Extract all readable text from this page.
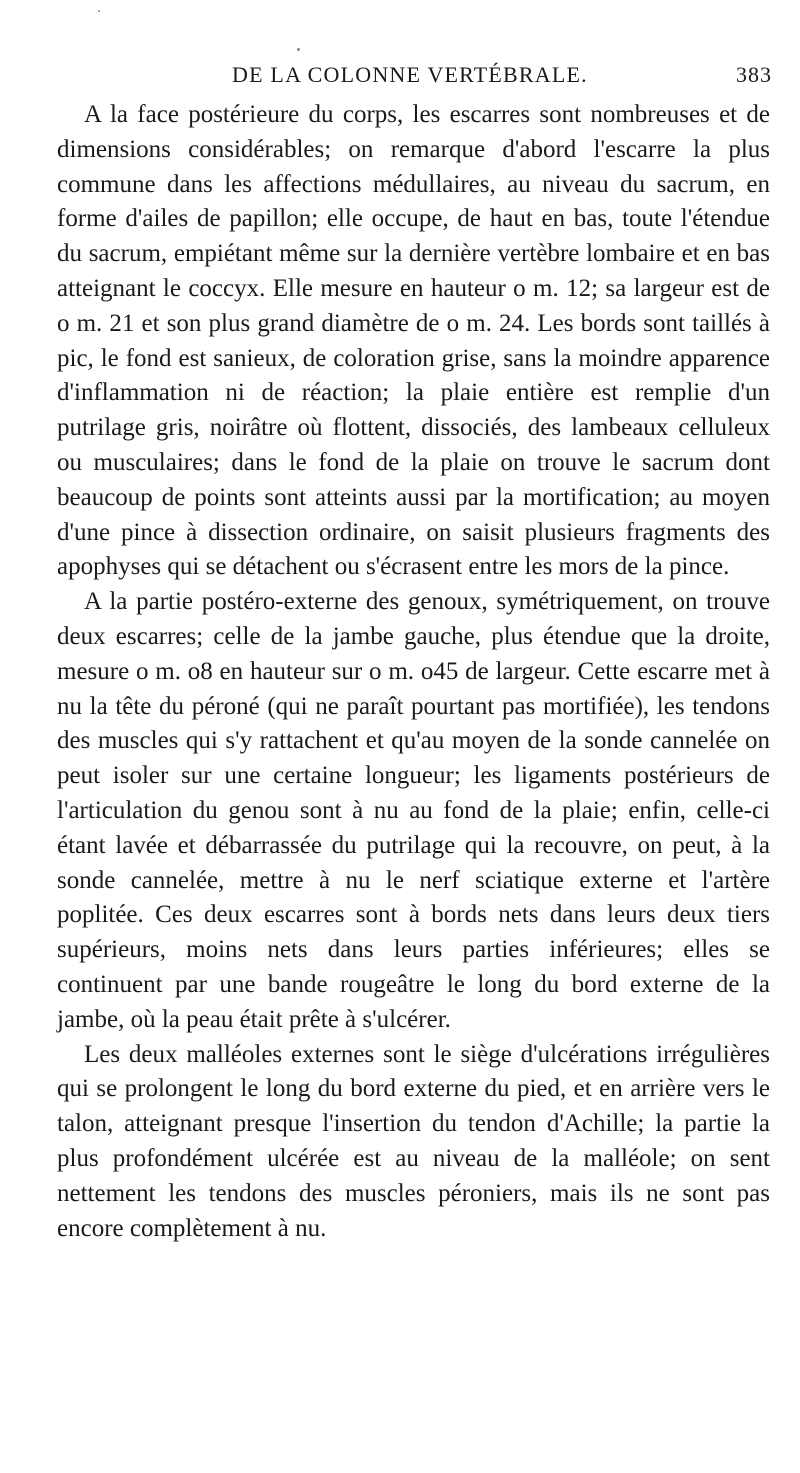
DE LA COLONNE VERTÉBRALE.	383

A la face postérieure du corps, les escarres sont nombreuses et de dimensions considérables; on remarque d'abord l'escarre la plus commune dans les affections médullaires, au niveau du sacrum, en forme d'ailes de papillon; elle occupe, de haut en bas, toute l'étendue du sacrum, empiétant même sur la dernière vertèbre lombaire et en bas atteignant le coccyx. Elle mesure en hauteur o m. 12; sa largeur est de o m. 21 et son plus grand diamètre de o m. 24. Les bords sont taillés à pic, le fond est sanieux, de coloration grise, sans la moindre apparence d'inflammation ni de réaction; la plaie entière est remplie d'un putrilage gris, noirâtre où flottent, dissociés, des lambeaux celluleux ou musculaires; dans le fond de la plaie on trouve le sacrum dont beaucoup de points sont atteints aussi par la mortification; au moyen d'une pince à dissection ordinaire, on saisit plusieurs fragments des apophyses qui se détachent ou s'écrasent entre les mors de la pince.

A la partie postéro-externe des genoux, symétriquement, on trouve deux escarres; celle de la jambe gauche, plus étendue que la droite, mesure o m. o8 en hauteur sur o m. o45 de largeur. Cette escarre met à nu la tête du péroné (qui ne paraît pourtant pas mortifiée), les tendons des muscles qui s'y rattachent et qu'au moyen de la sonde cannelée on peut isoler sur une certaine longueur; les ligaments postérieurs de l'articulation du genou sont à nu au fond de la plaie; enfin, celle-ci étant lavée et débarrassée du putrilage qui la recouvre, on peut, à la sonde cannelée, mettre à nu le nerf sciatique externe et l'artère poplitée. Ces deux escarres sont à bords nets dans leurs deux tiers supérieurs, moins nets dans leurs parties inférieures; elles se continuent par une bande rougeâtre le long du bord externe de la jambe, où la peau était prête à s'ulcérer.

Les deux malléoles externes sont le siège d'ulcérations irrégulières qui se prolongent le long du bord externe du pied, et en arrière vers le talon, atteignant presque l'insertion du tendon d'Achille; la partie la plus profondément ulcérée est au niveau de la malléole; on sent nettement les tendons des muscles péroniers, mais ils ne sont pas encore complètement à nu.
